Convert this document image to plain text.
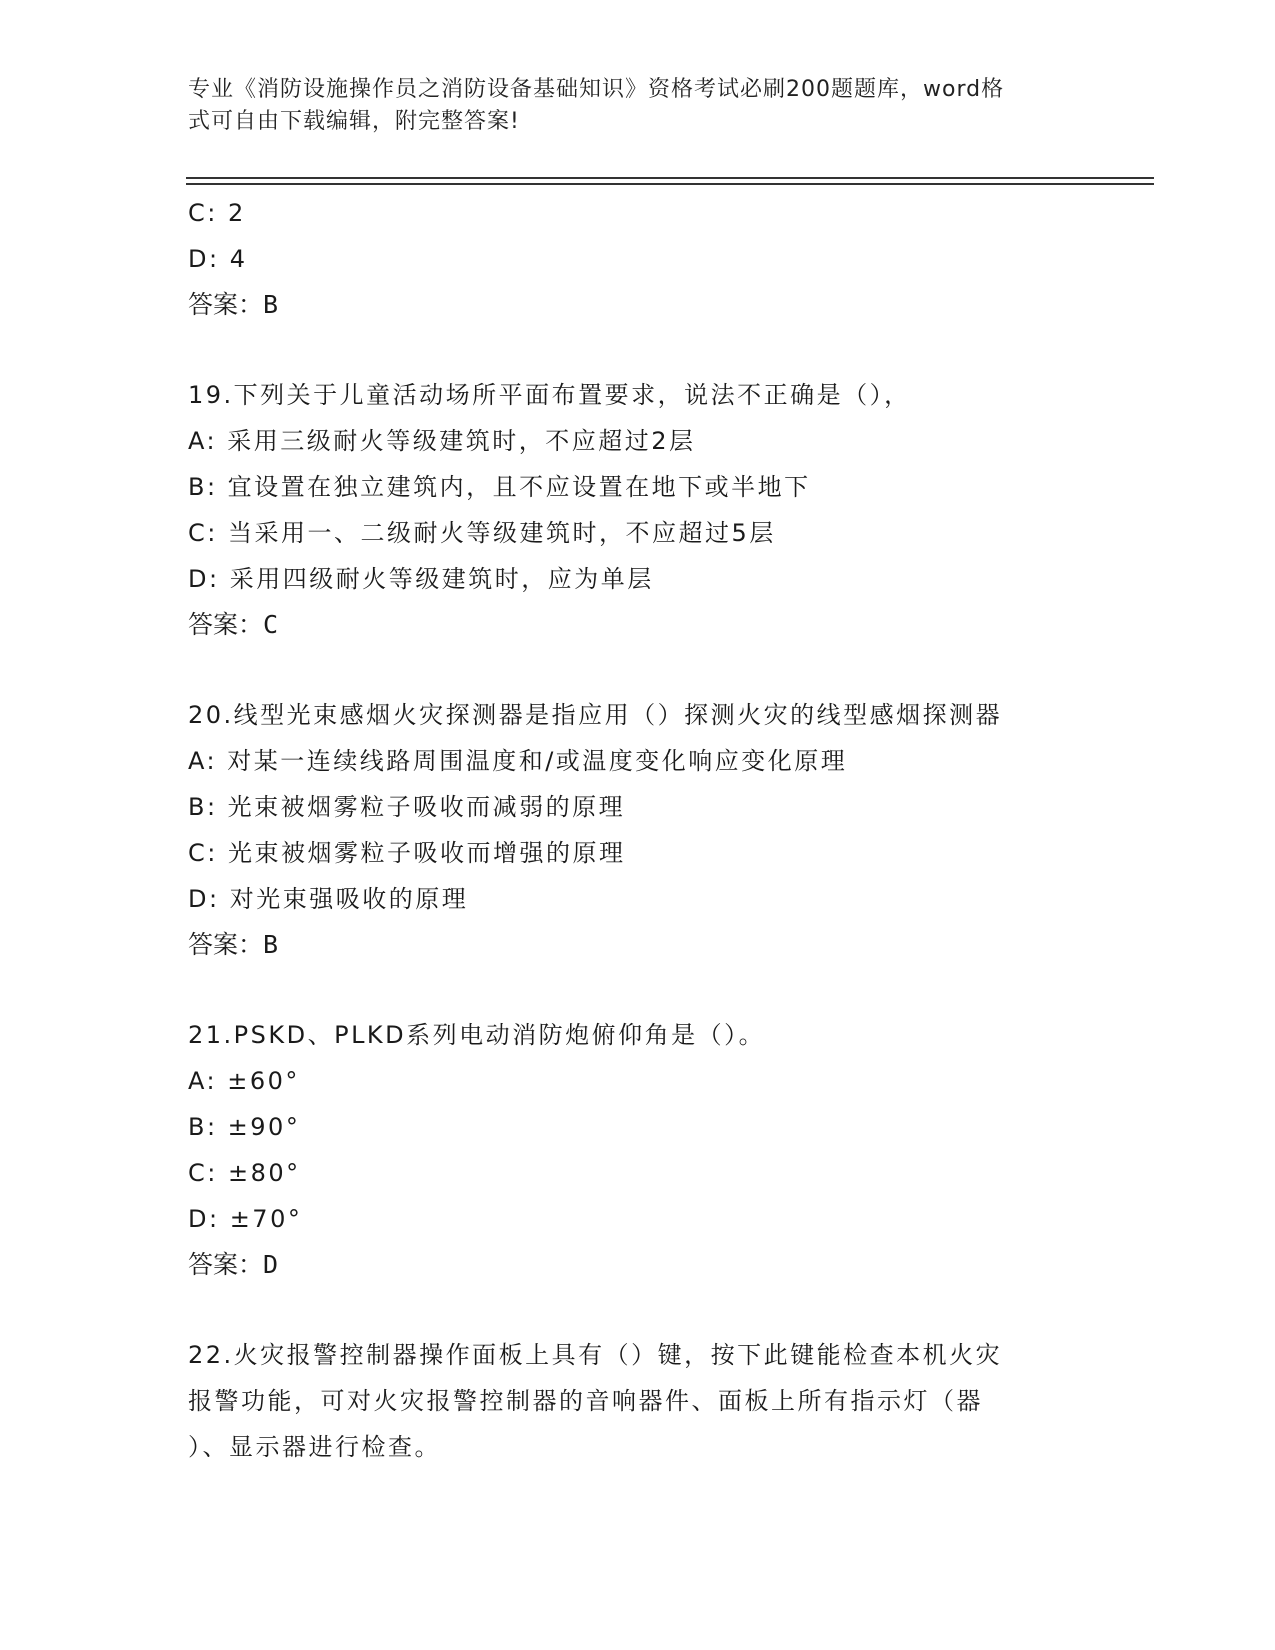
专业《消防设施操作员之消防设备基础知识》资格考试必刷200题题库，word格
式可自由下载编辑，附完整答案!
C: 2
D: 4
答案：B
19.下列关于儿童活动场所平面布置要求，说法不正确是（），
A: 采用三级耐火等级建筑时，不应超过2层
B: 宜设置在独立建筑内，且不应设置在地下或半地下
C: 当采用一、二级耐火等级建筑时，不应超过5层
D: 采用四级耐火等级建筑时，应为单层
答案：C
20.线型光束感烟火灾探测器是指应用（）探测火灾的线型感烟探测器
A: 对某一连续线路周围温度和/或温度变化响应变化原理
B: 光束被烟雾粒子吸收而减弱的原理
C: 光束被烟雾粒子吸收而增强的原理
D: 对光束强吸收的原理
答案：B
21.PSKD、PLKD系列电动消防炮俯仰角是（）。
A: ±60°
B: ±90°
C: ±80°
D: ±70°
答案：D
22.火灾报警控制器操作面板上具有（）键，按下此键能检查本机火灾
报警功能，可对火灾报警控制器的音响器件、面板上所有指示灯（器
）、显示器进行检查。
